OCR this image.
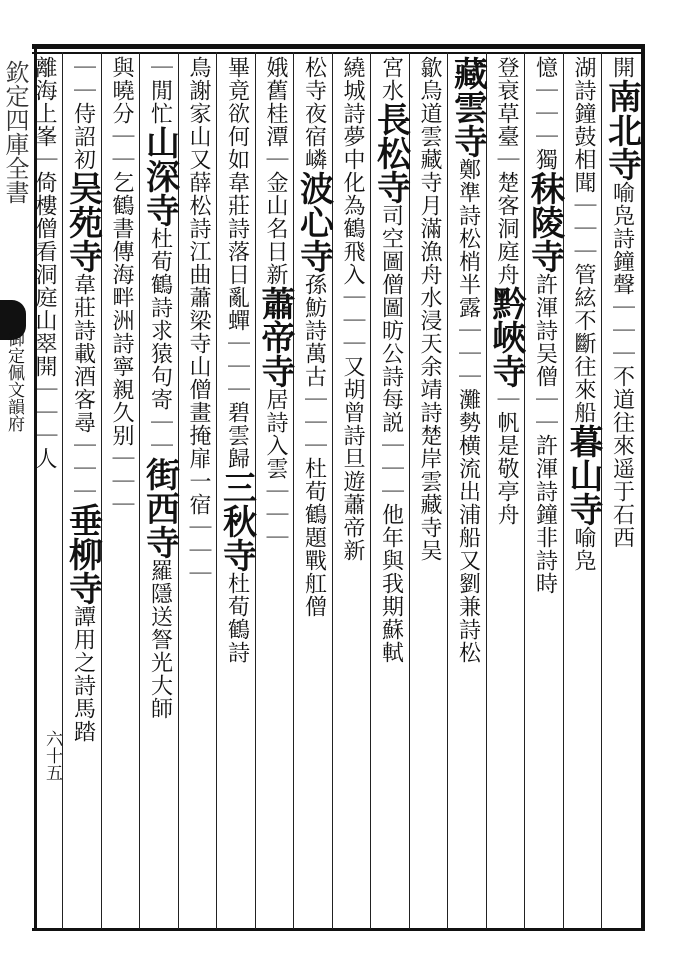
欽定四庫全書
御定佩文韻府
開南北寺喻凫詩鐘聲｜｜｜不道往來遥于石西
湖詩鐘鼓相聞｜｜｜管絃不斷往來船暮山寺喻凫
憶｜｜｜獨秣陵寺許渾詩吴僧｜｜許渾詩鐘非詩時
登衰草臺｜楚客洞庭舟黔峽寺｜帆是敬亭舟
藏雲寺鄭準詩松梢半露｜｜｜灘勢横流出浦船又劉兼詩松
歙烏道雲藏寺月滿漁舟水浸天余靖詩楚岸雲藏寺吴
宮水長松寺司空圖僧圖昉公詩每説｜｜｜他年與我期蘇軾
繞城詩夢中化為鶴飛入｜｜｜又胡曾詩旦遊蕭帝新
松寺夜宿嶙波心寺孫魴詩萬古｜｜｜杜荀鶴題戰舡僧
娥舊桂潭｜金山名日新蕭帝寺居詩入雲｜｜｜
畢竟欲何如韋莊詩落日亂蟬｜｜｜碧雲歸三秋寺杜荀鶴詩
鳥謝家山又薛松詩江曲蕭梁寺山僧畫掩扉一宿｜｜｜
｜閒忙山深寺杜荀鶴詩求猿句寄｜｜街西寺羅隱送詧光大師
與曉分｜｜乞鶴書傳海畔洲詩寧親久别｜｜｜
｜｜侍詔初吴苑寺韋莊詩載酒客尋｜｜｜垂柳寺譚用之詩馬踏
離海上峯｜倚樓僧看洞庭山翠開｜｜｜人
六十五
